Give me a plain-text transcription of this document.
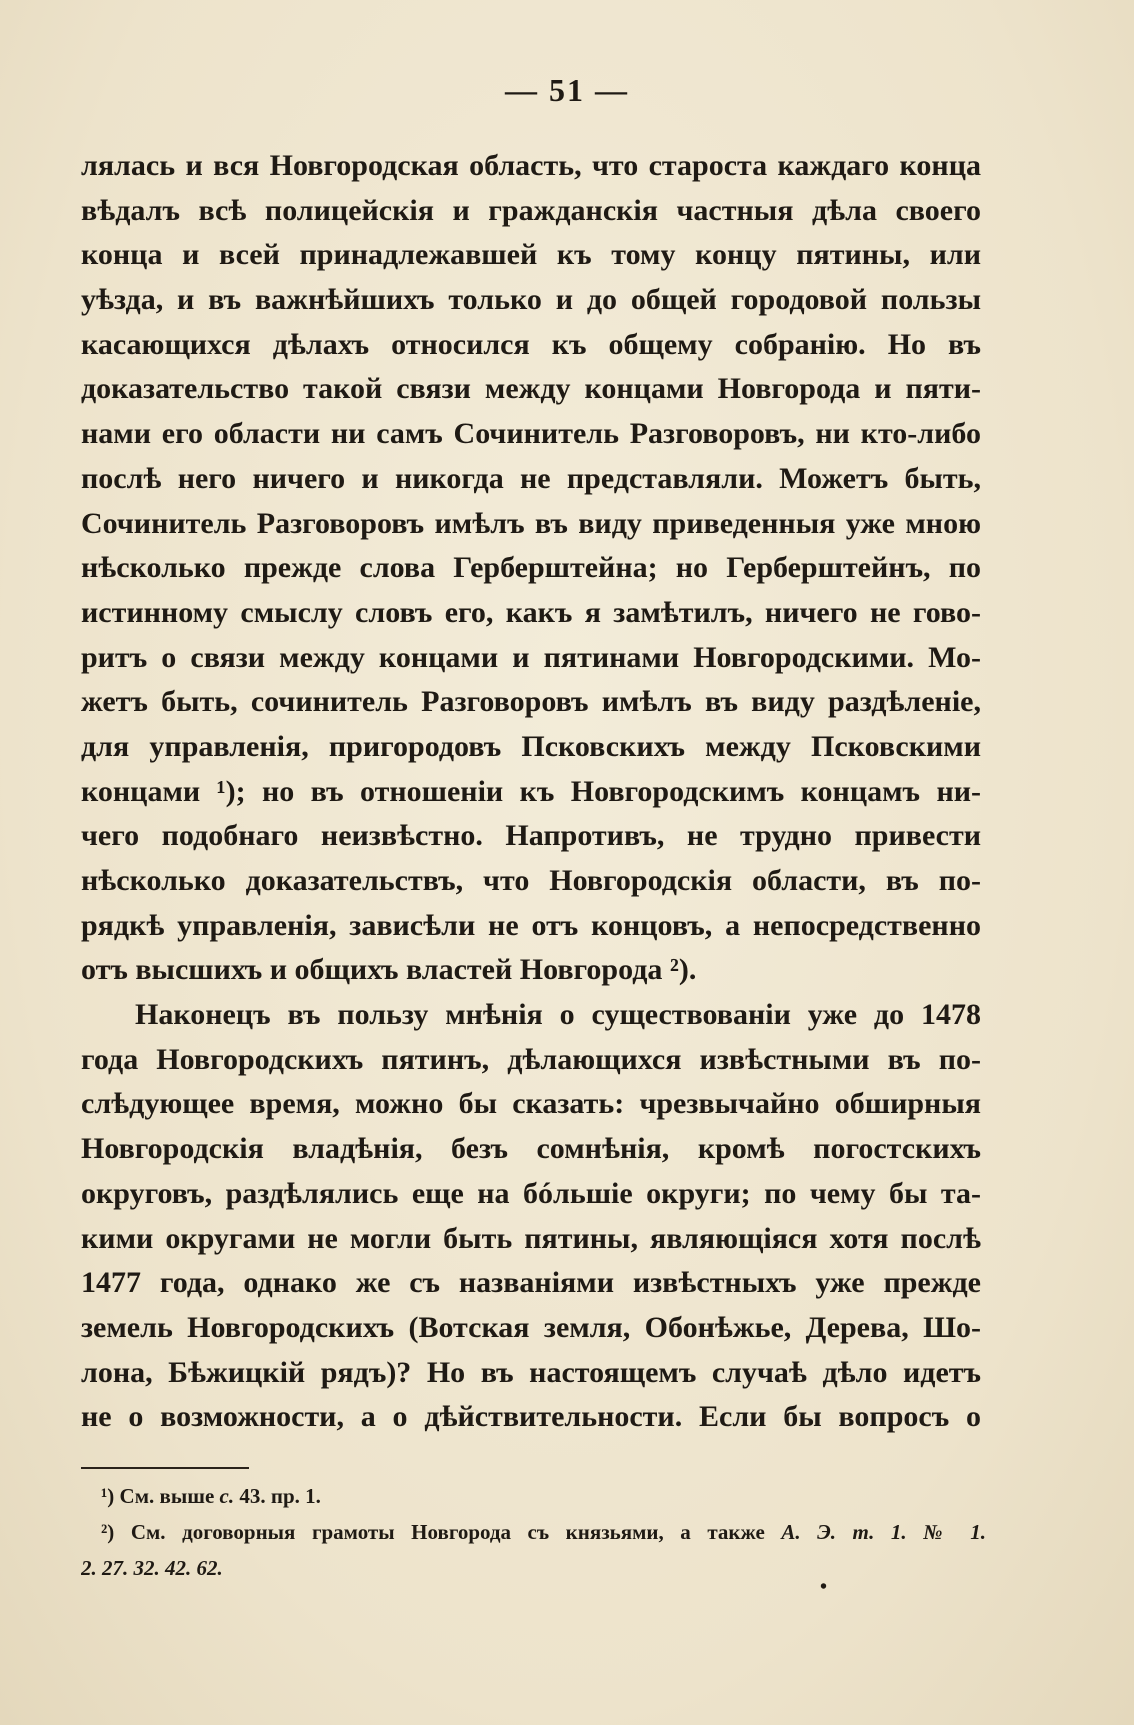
— 51 —
лялась и вся Новгородская область, что староста каждаго конца
вѣдалъ всѣ полицейскія и гражданскія частныя дѣла своего
конца и всей принадлежавшей къ тому концу пятины, или
уѣзда, и въ важнѣйшихъ только и до общей городовой пользы
касающихся дѣлахъ относился къ общему собранію. Но въ
доказательство такой связи между концами Новгорода и пяти-
нами его области ни самъ Сочинитель Разговоровъ, ни кто-либо
послѣ него ничего и никогда не представляли. Можетъ быть,
Сочинитель Разговоровъ имѣлъ въ виду приведенныя уже мною
нѣсколько прежде слова Герберштейна; но Герберштейнъ, по
истинному смыслу словъ его, какъ я замѣтилъ, ничего не гово-
ритъ о связи между концами и пятинами Новгородскими. Мо-
жетъ быть, сочинитель Разговоровъ имѣлъ въ виду раздѣленіе,
для управленія, пригородовъ Псковскихъ между Псковскими
концами ¹); но въ отношеніи къ Новгородскимъ концамъ ни-
чего подобнаго неизвѣстно. Напротивъ, не трудно привести
нѣсколько доказательствъ, что Новгородскія области, въ по-
рядкѣ управленія, зависѣли не отъ концовъ, а непосредственно
отъ высшихъ и общихъ властей Новгорода ²).
Наконецъ въ пользу мнѣнія о существованіи уже до 1478
года Новгородскихъ пятинъ, дѣлающихся извѣстными въ по-
слѣдующее время, можно бы сказать: чрезвычайно обширныя
Новгородскія владѣнія, безъ сомнѣнія, кромѣ погостскихъ
округовъ, раздѣлялись еще на бóльшіе округи; по чему бы та-
кими округами не могли быть пятины, являющіяся хотя послѣ
1477 года, однако же съ названіями извѣстныхъ уже прежде
земель Новгородскихъ (Вотская земля, Обонѣжье, Дерева, Шо-
лона, Бѣжицкій рядъ)? Но въ настоящемъ случаѣ дѣло идетъ
не о возможности, а о дѣйствительности. Если бы вопросъ о
¹) См. выше с. 43. пр. 1.
²) См. договорныя грамоты Новгорода съ князьями, а также А. Э. т. 1. № 1.
2. 27. 32. 42. 62.
•
